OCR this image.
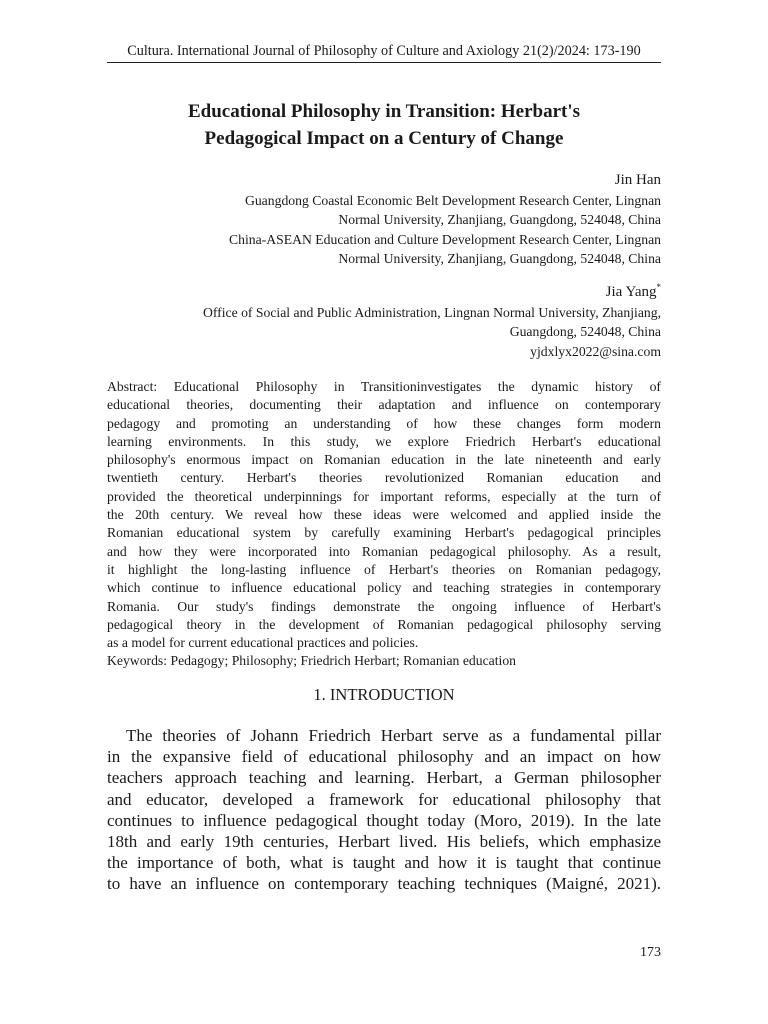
Cultura. International Journal of Philosophy of Culture and Axiology 21(2)/2024: 173-190
Educational Philosophy in Transition: Herbart's
Pedagogical Impact on a Century of Change
Jin Han
Guangdong Coastal Economic Belt Development Research Center, Lingnan
Normal University, Zhanjiang, Guangdong, 524048, China
China-ASEAN Education and Culture Development Research Center, Lingnan
Normal University, Zhanjiang, Guangdong, 524048, China
Jia Yang*
Office of Social and Public Administration, Lingnan Normal University, Zhanjiang,
Guangdong, 524048, China
yjdxlyx2022@sina.com
Abstract: Educational Philosophy in Transitioninvestigates the dynamic history of
educational theories, documenting their adaptation and influence on contemporary
pedagogy and promoting an understanding of how these changes form modern
learning environments. In this study, we explore Friedrich Herbart's educational
philosophy's enormous impact on Romanian education in the late nineteenth and early
twentieth century. Herbart's theories revolutionized Romanian education and
provided the theoretical underpinnings for important reforms, especially at the turn of
the 20th century. We reveal how these ideas were welcomed and applied inside the
Romanian educational system by carefully examining Herbart's pedagogical principles
and how they were incorporated into Romanian pedagogical philosophy. As a result,
it highlight the long-lasting influence of Herbart's theories on Romanian pedagogy,
which continue to influence educational policy and teaching strategies in contemporary
Romania. Our study's findings demonstrate the ongoing influence of Herbart's
pedagogical theory in the development of Romanian pedagogical philosophy serving
as a model for current educational practices and policies.
Keywords: Pedagogy; Philosophy; Friedrich Herbart; Romanian education
1. INTRODUCTION
The theories of Johann Friedrich Herbart serve as a fundamental pillar
in the expansive field of educational philosophy and an impact on how
teachers approach teaching and learning. Herbart, a German philosopher
and educator, developed a framework for educational philosophy that
continues to influence pedagogical thought today (Moro, 2019). In the late
18th and early 19th centuries, Herbart lived. His beliefs, which emphasize
the importance of both, what is taught and how it is taught that continue
to have an influence on contemporary teaching techniques (Maigné, 2021).
173
